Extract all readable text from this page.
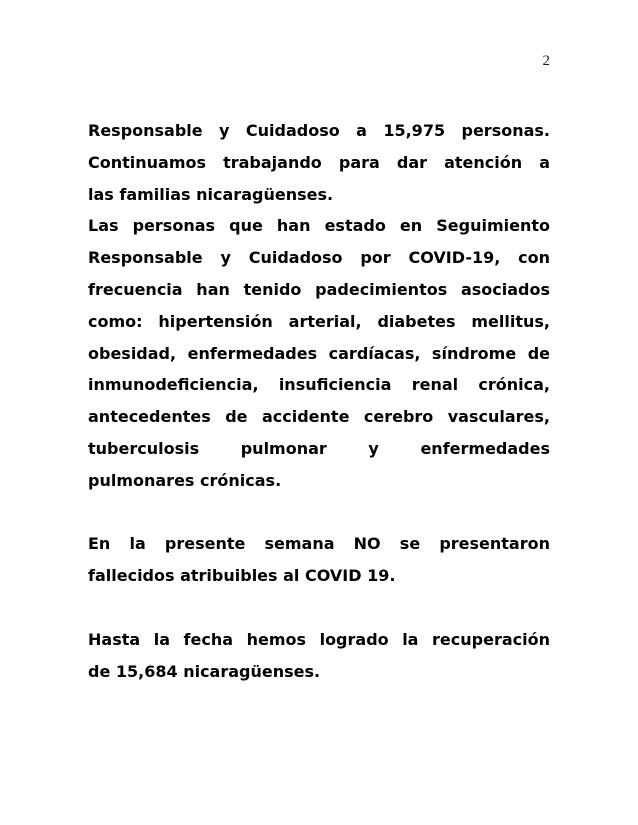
2
Responsable y Cuidadoso a 15,975 personas.
Continuamos trabajando para dar atención a
las familias nicaragüenses.
Las personas que han estado en Seguimiento
Responsable y Cuidadoso por COVID-19, con
frecuencia han tenido padecimientos asociados
como: hipertensión arterial, diabetes mellitus,
obesidad, enfermedades cardíacas, síndrome de
inmunodeficiencia, insuficiencia renal crónica,
antecedentes de accidente cerebro vasculares,
tuberculosis pulmonar y enfermedades
pulmonares crónicas.
En la presente semana NO se presentaron
fallecidos atribuibles al COVID 19.
Hasta la fecha hemos logrado la recuperación
de 15,684 nicaragüenses.
